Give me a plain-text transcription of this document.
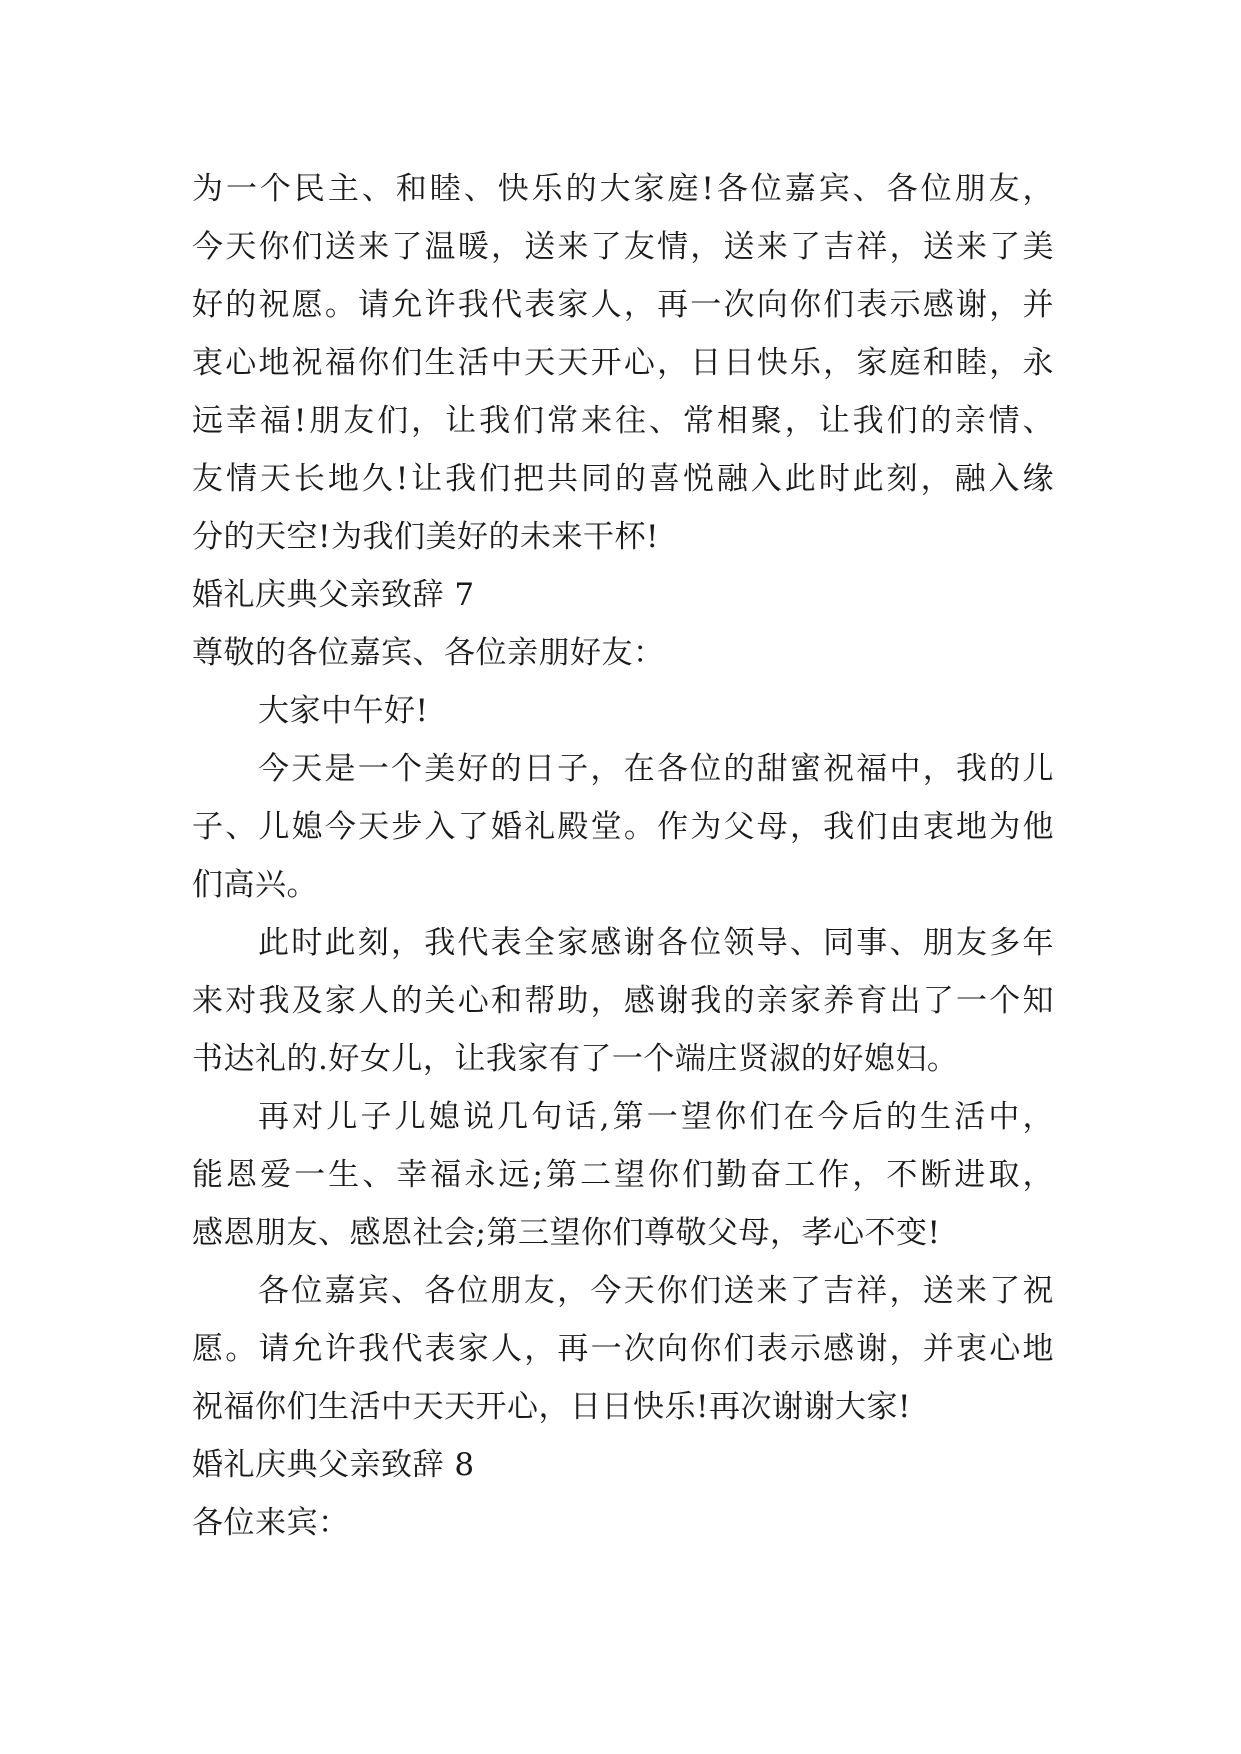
为一个民主、和睦、快乐的大家庭!各位嘉宾、各位朋友，
今天你们送来了温暖，送来了友情，送来了吉祥，送来了美
好的祝愿。请允许我代表家人，再一次向你们表示感谢，并
衷心地祝福你们生活中天天开心，日日快乐，家庭和睦，永
远幸福!朋友们，让我们常来往、常相聚，让我们的亲情、
友情天长地久!让我们把共同的喜悦融入此时此刻，融入缘
分的天空!为我们美好的未来干杯!
婚礼庆典父亲致辞 7
尊敬的各位嘉宾、各位亲朋好友：
大家中午好!
今天是一个美好的日子，在各位的甜蜜祝福中，我的儿
子、儿媳今天步入了婚礼殿堂。作为父母，我们由衷地为他
们高兴。
此时此刻，我代表全家感谢各位领导、同事、朋友多年
来对我及家人的关心和帮助，感谢我的亲家养育出了一个知
书达礼的.好女儿，让我家有了一个端庄贤淑的好媳妇。
再对儿子儿媳说几句话,第一望你们在今后的生活中，
能恩爱一生、幸福永远;第二望你们勤奋工作，不断进取，
感恩朋友、感恩社会;第三望你们尊敬父母，孝心不变!
各位嘉宾、各位朋友，今天你们送来了吉祥，送来了祝
愿。请允许我代表家人，再一次向你们表示感谢，并衷心地
祝福你们生活中天天开心，日日快乐!再次谢谢大家!
婚礼庆典父亲致辞 8
各位来宾：
